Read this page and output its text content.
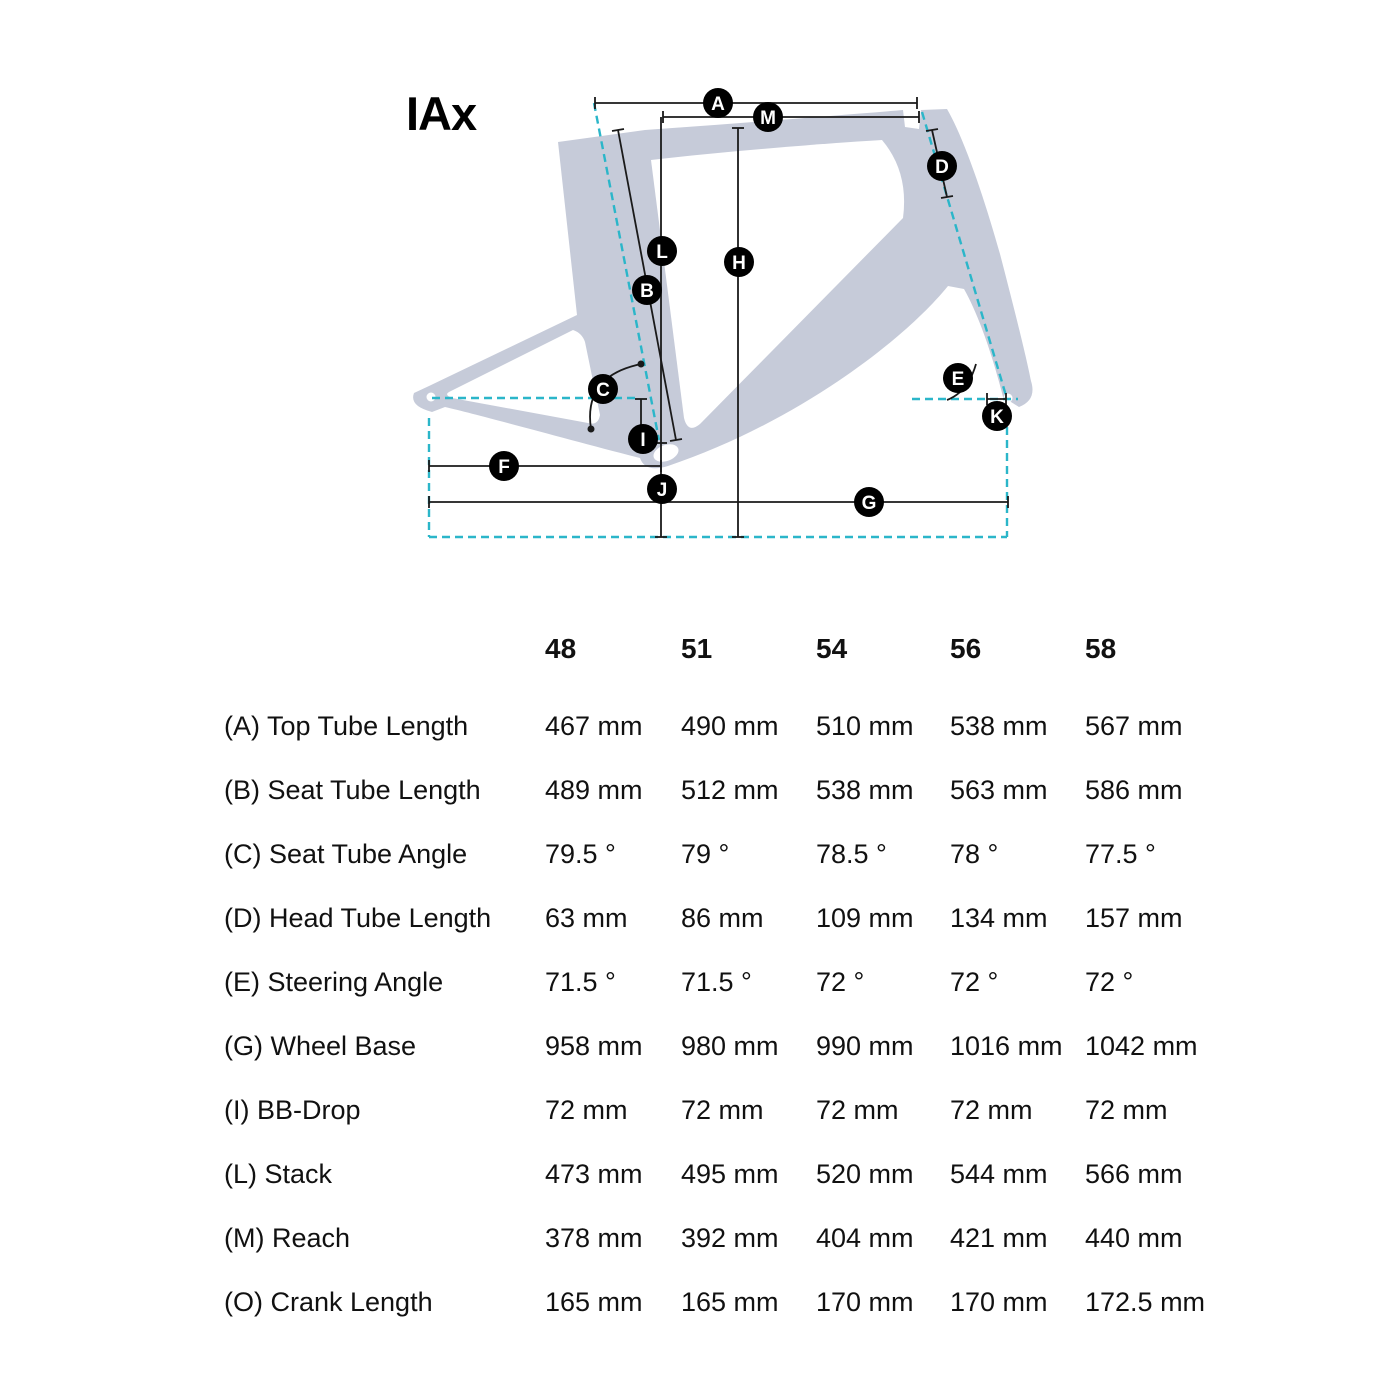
IAx	A
M
D
L
H
B
C
E
K
I
F
J
G
48	51	54	56	58
(A) Top Tube Length	467 mm	490 mm	510 mm	538 mm	567 mm
(B) Seat Tube Length	489 mm	512 mm	538 mm	563 mm	586 mm
(C) Seat Tube Angle	79.5 °	79 °	78.5 °	78 °	77.5 °
(D) Head Tube Length	63 mm	86 mm	109 mm	134 mm	157 mm
(E) Steering Angle	71.5 °	71.5 °	72 °	72 °	72 °
(G) Wheel Base	958 mm	980 mm	990 mm	1016 mm 1042 mm
(I) BB-Drop	72 mm	72 mm	72 mm	72 mm	72 mm
(L) Stack	473 mm	495 mm	520 mm	544 mm	566 mm
(M) Reach	378 mm	392 mm	404 mm	421 mm	440 mm
(O) Crank Length	165 mm	165 mm	170 mm	170 mm	172.5 mm
